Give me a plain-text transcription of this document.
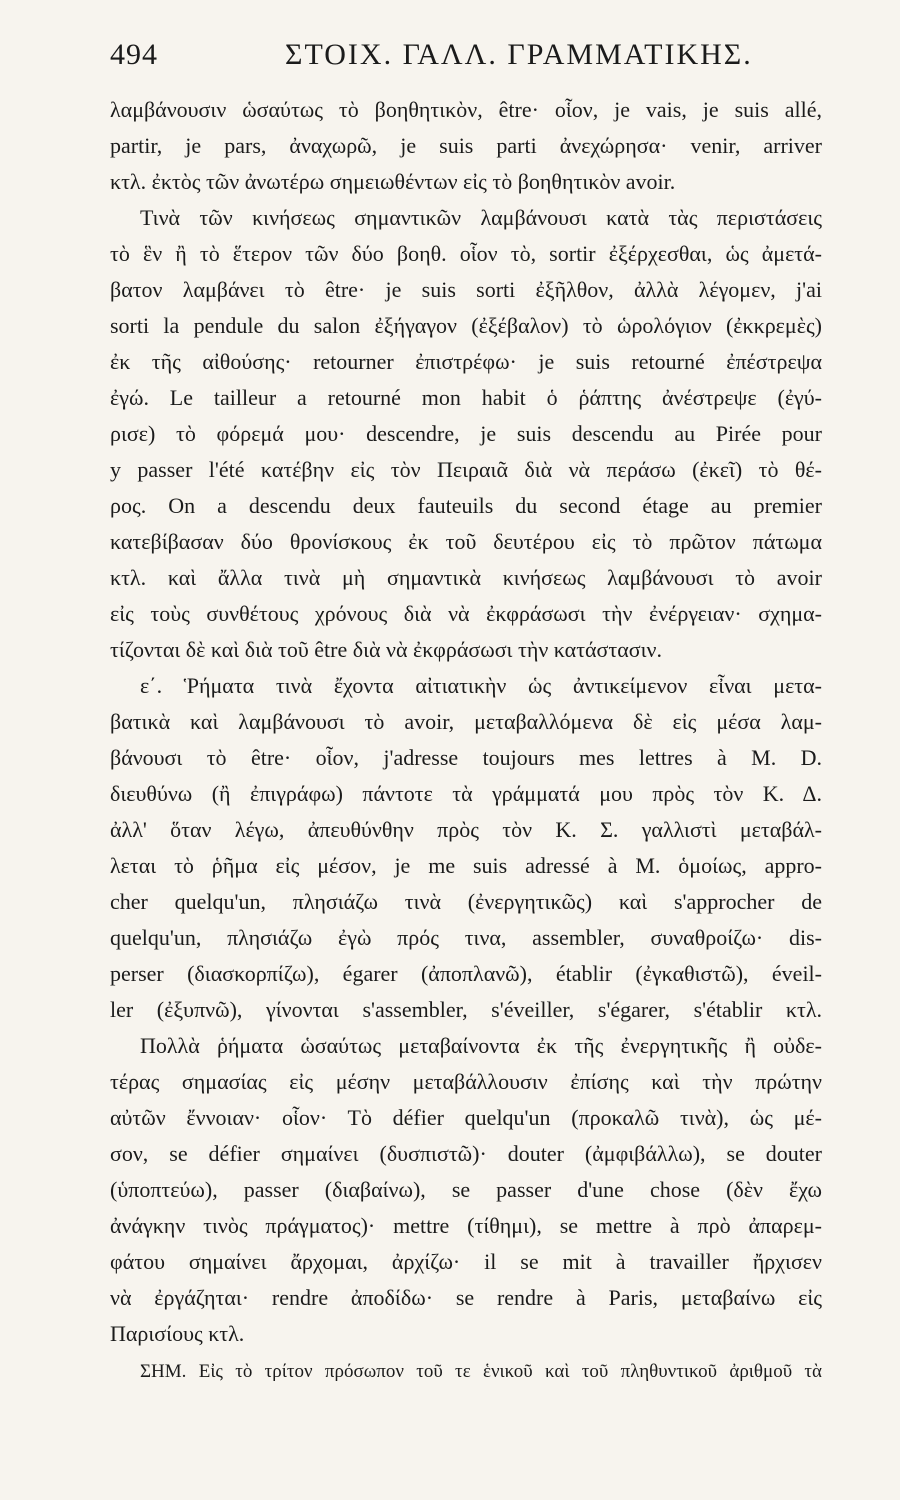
494	ΣΤΟΙΧ. ΓΑΛΛ. ΓΡΑΜΜΑΤΙΚΗΣ.
λαμβάνουσιν ὡσαύτως τὸ βοηθητικὸν, être· οἷον, je vais, je suis allé,
partir, je pars, ἀναχωρῶ, je suis parti ἀνεχώρησα· venir, arriver
κτλ. ἐκτὸς τῶν ἀνωτέρω σημειωθέντων εἰς τὸ βοηθητικὸν avoir.
Τινὰ τῶν κινήσεως σημαντικῶν λαμβάνουσι κατὰ τὰς περιστάσεις
τὸ ἓν ἢ τὸ ἕτερον τῶν δύο βοηθ. οἷον τὸ, sortir ἐξέρχεσθαι, ὡς ἀμετά-
βατον λαμβάνει τὸ être· je suis sorti ἐξῆλθον, ἀλλὰ λέγομεν, j'ai
sorti la pendule du salon ἐξήγαγον (ἐξέβαλον) τὸ ὡρολόγιον (ἐκκρεμὲς)
ἐκ τῆς αἰθούσης· retourner ἐπιστρέφω· je suis retourné ἐπέστρεψα
ἐγώ. Le tailleur a retourné mon habit ὁ ῥάπτης ἀνέστρεψε (ἐγύ-
ρισε) τὸ φόρεμά μου· descendre, je suis descendu au Pirée pour
y passer l'été κατέβην εἰς τὸν Πειραιᾶ διὰ νὰ περάσω (ἐκεῖ) τὸ θέ-
ρος. On a descendu deux fauteuils du second étage au premier
κατεβίβασαν δύο θρονίσκους ἐκ τοῦ δευτέρου εἰς τὸ πρῶτον πάτωμα
κτλ. καὶ ἄλλα τινὰ μὴ σημαντικὰ κινήσεως λαμβάνουσι τὸ avoir
εἰς τοὺς συνθέτους χρόνους διὰ νὰ ἐκφράσωσι τὴν ἐνέργειαν· σχημα-
τίζονται δὲ καὶ διὰ τοῦ être διὰ νὰ ἐκφράσωσι τὴν κατάστασιν.
ε΄. Ῥήματα τινὰ ἔχοντα αἰτιατικὴν ὡς ἀντικείμενον εἶναι μετα-
βατικὰ καὶ λαμβάνουσι τὸ avoir, μεταβαλλόμενα δὲ εἰς μέσα λαμ-
βάνουσι τὸ être· οἷον, j'adresse toujours mes lettres à M. D.
διευθύνω (ἢ ἐπιγράφω) πάντοτε τὰ γράμματά μου πρὸς τὸν Κ. Δ.
ἀλλ' ὅταν λέγω, ἀπευθύνθην πρὸς τὸν Κ. Σ. γαλλιστὶ μεταβάλ-
λεται τὸ ῥῆμα εἰς μέσον, je me suis adressé à M. ὁμοίως, appro-
cher quelqu'un, πλησιάζω τινὰ (ἐνεργητικῶς) καὶ s'approcher de
quelqu'un, πλησιάζω ἐγὼ πρός τινα, assembler, συναθροίζω· dis-
perser (διασκορπίζω), égarer (ἀποπλανῶ), établir (ἐγκαθιστῶ), éveil-
ler (ἐξυπνῶ), γίνονται s'assembler, s'éveiller, s'égarer, s'établir κτλ.
Πολλὰ ῥήματα ὡσαύτως μεταβαίνοντα ἐκ τῆς ἐνεργητικῆς ἢ οὐδε-
τέρας σημασίας εἰς μέσην μεταβάλλουσιν ἐπίσης καὶ τὴν πρώτην
αὐτῶν ἔννοιαν· οἷον· Τὸ défier quelqu'un (προκαλῶ τινὰ), ὡς μέ-
σον, se défier σημαίνει (δυσπιστῶ)· douter (ἀμφιβάλλω), se douter
(ὑποπτεύω), passer (διαβαίνω), se passer d'une chose (δὲν ἔχω
ἀνάγκην τινὸς πράγματος)· mettre (τίθημι), se mettre à πρὸ ἀπαρεμ-
φάτου σημαίνει ἄρχομαι, ἀρχίζω· il se mit à travailler ἤρχισεν
νὰ ἐργάζηται· rendre ἀποδίδω· se rendre à Paris, μεταβαίνω εἰς
Παρισίους κτλ.
ΣΗΜ. Εἰς τὸ τρίτον πρόσωπον τοῦ τε ἑνικοῦ καὶ τοῦ πληθυντικοῦ ἀριθμοῦ τὰ
